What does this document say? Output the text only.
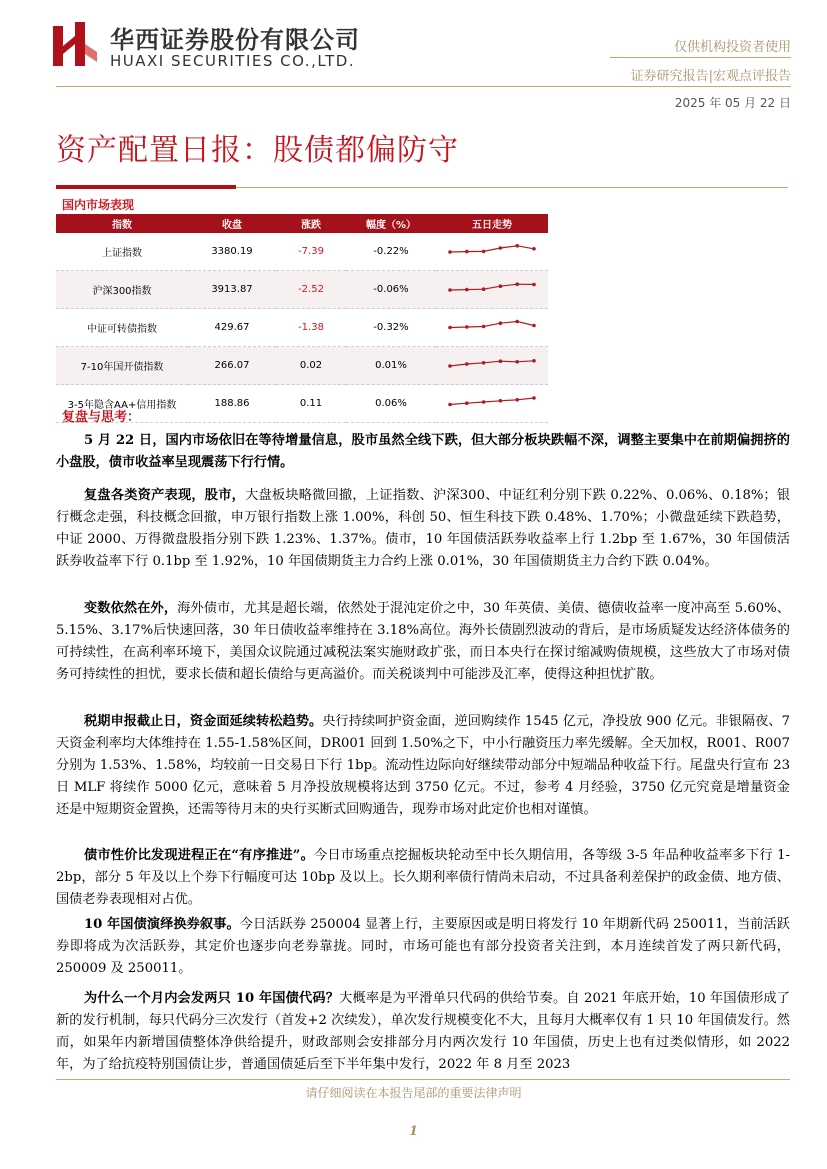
华西证券股份有限公司
HUAXI SECURITIES CO.,LTD.
仅供机构投资者使用
证券研究报告|宏观点评报告
2025 年 05 月 22 日
资产配置日报：股债都偏防守
国内市场表现
指数	收盘	涨跌	幅度（%）	五日走势
上证指数	3380.19	-7.39	-0.22%	
沪深300指数	3913.87	-2.52	-0.06%	
中证可转债指数	429.67	-1.38	-0.32%	
7-10年国开债指数	266.07	0.02	0.01%	
3-5年隐含AA+信用指数	188.86	0.11	0.06%	
复盘与思考：

5 月 22 日，国内市场依旧在等待增量信息，股市虽然全线下跌，但大部分板块跌幅不深，调整主要集中在前期偏拥挤的小盘股，债市收益率呈现震荡下行行情。

复盘各类资产表现，股市，大盘板块略微回撤，上证指数、沪深300、中证红利分别下跌 0.22%、0.06%、0.18%；银行概念走强，科技概念回撤，申万银行指数上涨 1.00%，科创 50、恒生科技下跌 0.48%、1.70%；小微盘延续下跌趋势，中证 2000、万得微盘股指分别下跌 1.23%、1.37%。债市，10 年国债活跃券收益率上行 1.2bp 至 1.67%，30 年国债活跃券收益率下行 0.1bp 至 1.92%，10 年国债期货主力合约上涨 0.01%，30 年国债期货主力合约下跌 0.04%。

变数依然在外，海外债市，尤其是超长端，依然处于混沌定价之中，30 年英债、美债、德债收益率一度冲高至 5.60%、5.15%、3.17%后快速回落，30 年日债收益率维持在 3.18%高位。海外长债剧烈波动的背后，是市场质疑发达经济体债务的可持续性，在高利率环境下，美国众议院通过减税法案实施财政扩张，而日本央行在探讨缩减购债规模，这些放大了市场对债务可持续性的担忧，要求长债和超长债给与更高溢价。而关税谈判中可能涉及汇率，使得这种担忧扩散。

税期申报截止日，资金面延续转松趋势。央行持续呵护资金面，逆回购续作 1545 亿元，净投放 900 亿元。非银隔夜、7 天资金利率均大体维持在 1.55-1.58%区间，DR001 回到 1.50%之下，中小行融资压力率先缓解。全天加权，R001、R007 分别为 1.53%、1.58%，均较前一日交易日下行 1bp。流动性边际向好继续带动部分中短端品种收益下行。尾盘央行宣布 23 日 MLF 将续作 5000 亿元，意味着 5 月净投放规模将达到 3750 亿元。不过，参考 4 月经验，3750 亿元究竟是增量资金还是中短期资金置换，还需等待月末的央行买断式回购通告，现券市场对此定价也相对谨慎。

债市性价比发现进程正在“有序推进”。今日市场重点挖掘板块轮动至中长久期信用，各等级 3-5 年品种收益率多下行 1-2bp，部分 5 年及以上个券下行幅度可达 10bp 及以上。长久期利率债行情尚未启动，不过具备利差保护的政金债、地方债、国债老券表现相对占优。

10 年国债演绎换券叙事。今日活跃券 250004 显著上行，主要原因或是明日将发行 10 年期新代码 250011，当前活跃券即将成为次活跃券，其定价也逐步向老券靠拢。同时，市场可能也有部分投资者关注到，本月连续首发了两只新代码，250009 及 250011。

为什么一个月内会发两只 10 年国债代码？大概率是为平滑单只代码的供给节奏。自 2021 年底开始，10 年国债形成了新的发行机制，每只代码分三次发行（首发+2 次续发），单次发行规模变化不大，且每月大概率仅有 1 只 10 年国债发行。然而，如果年内新增国债整体净供给提升，财政部则会安排部分月内两次发行 10 年国债，历史上也有过类似情形，如 2022 年，为了给抗疫特别国债让步，普通国债延后至下半年集中发行，2022 年 8 月至 2023

请仔细阅读在本报告尾部的重要法律声明
1
